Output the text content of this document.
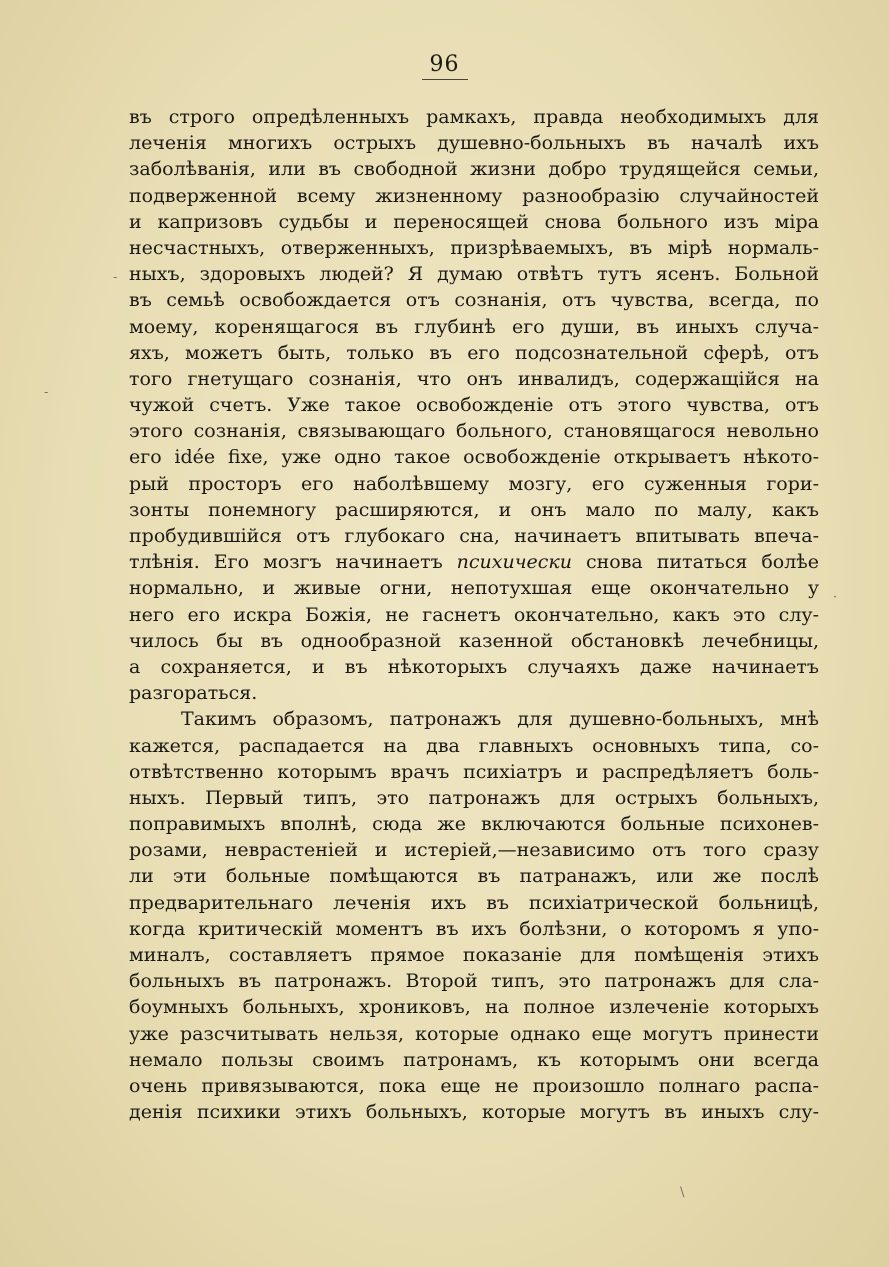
96
въ строго опредѣленныхъ рамкахъ, правда необходимыхъ для
леченія многихъ острыхъ душевно-больныхъ въ началѣ ихъ
заболѣванія, или въ свободной жизни добро трудящейся семьи,
подверженной всему жизненному разнообразію случайностей
и капризовъ судьбы и переносящей снова больного изъ міра
несчастныхъ, отверженныхъ, призрѣваемыхъ, въ мірѣ нормаль-
ныхъ, здоровыхъ людей? Я думаю отвѣтъ тутъ ясенъ. Больной
въ семьѣ освобождается отъ сознанія, отъ чувства, всегда, по
моему, коренящагося въ глубинѣ его души, въ иныхъ случа-
яхъ, можетъ быть, только въ его подсознательной сферѣ, отъ
того гнетущаго сознанія, что онъ инвалидъ, содержащійся на
чужой счетъ. Уже такое освобожденіе отъ этого чувства, отъ
этого сознанія, связывающаго больного, становящагося невольно
его idée fixe, уже одно такое освобожденіе открываетъ нѣкото-
рый просторъ его наболѣвшему мозгу, его суженныя гори-
зонты понемногу расширяются, и онъ мало по малу, какъ
пробудившійся отъ глубокаго сна, начинаетъ впитывать впеча-
тлѣнія. Его мозгъ начинаетъ психически снова питаться болѣе
нормально, и живые огни, непотухшая еще окончательно у
него его искра Божія, не гаснетъ окончательно, какъ это слу-
чилось бы въ однообразной казенной обстановкѣ лечебницы,
а сохраняется, и въ нѣкоторыхъ случаяхъ даже начинаетъ
разгораться.
Такимъ образомъ, патронажъ для душевно-больныхъ, мнѣ
кажется, распадается на два главныхъ основныхъ типа, со-
отвѣтственно которымъ врачъ психіатръ и распредѣляетъ боль-
ныхъ. Первый типъ, это патронажъ для острыхъ больныхъ,
поправимыхъ вполнѣ, сюда же включаются больные психонев-
розами, неврастеніей и истеріей,—независимо отъ того сразу
ли эти больные помѣщаются въ патранажъ, или же послѣ
предварительнаго леченія ихъ въ психіатрической больницѣ,
когда критическій моментъ въ ихъ болѣзни, о которомъ я упо-
миналъ, составляетъ прямое показаніе для помѣщенія этихъ
больныхъ въ патронажъ. Второй типъ, это патронажъ для сла-
боумныхъ больныхъ, хрониковъ, на полное излеченіе которыхъ
уже разсчитывать нельзя, которые однако еще могутъ принести
немало пользы своимъ патронамъ, къ которымъ они всегда
очень привязываются, пока еще не произошло полнаго распа-
денія психики этихъ больныхъ, которые могутъ въ иныхъ слу-
-
-
·
\
